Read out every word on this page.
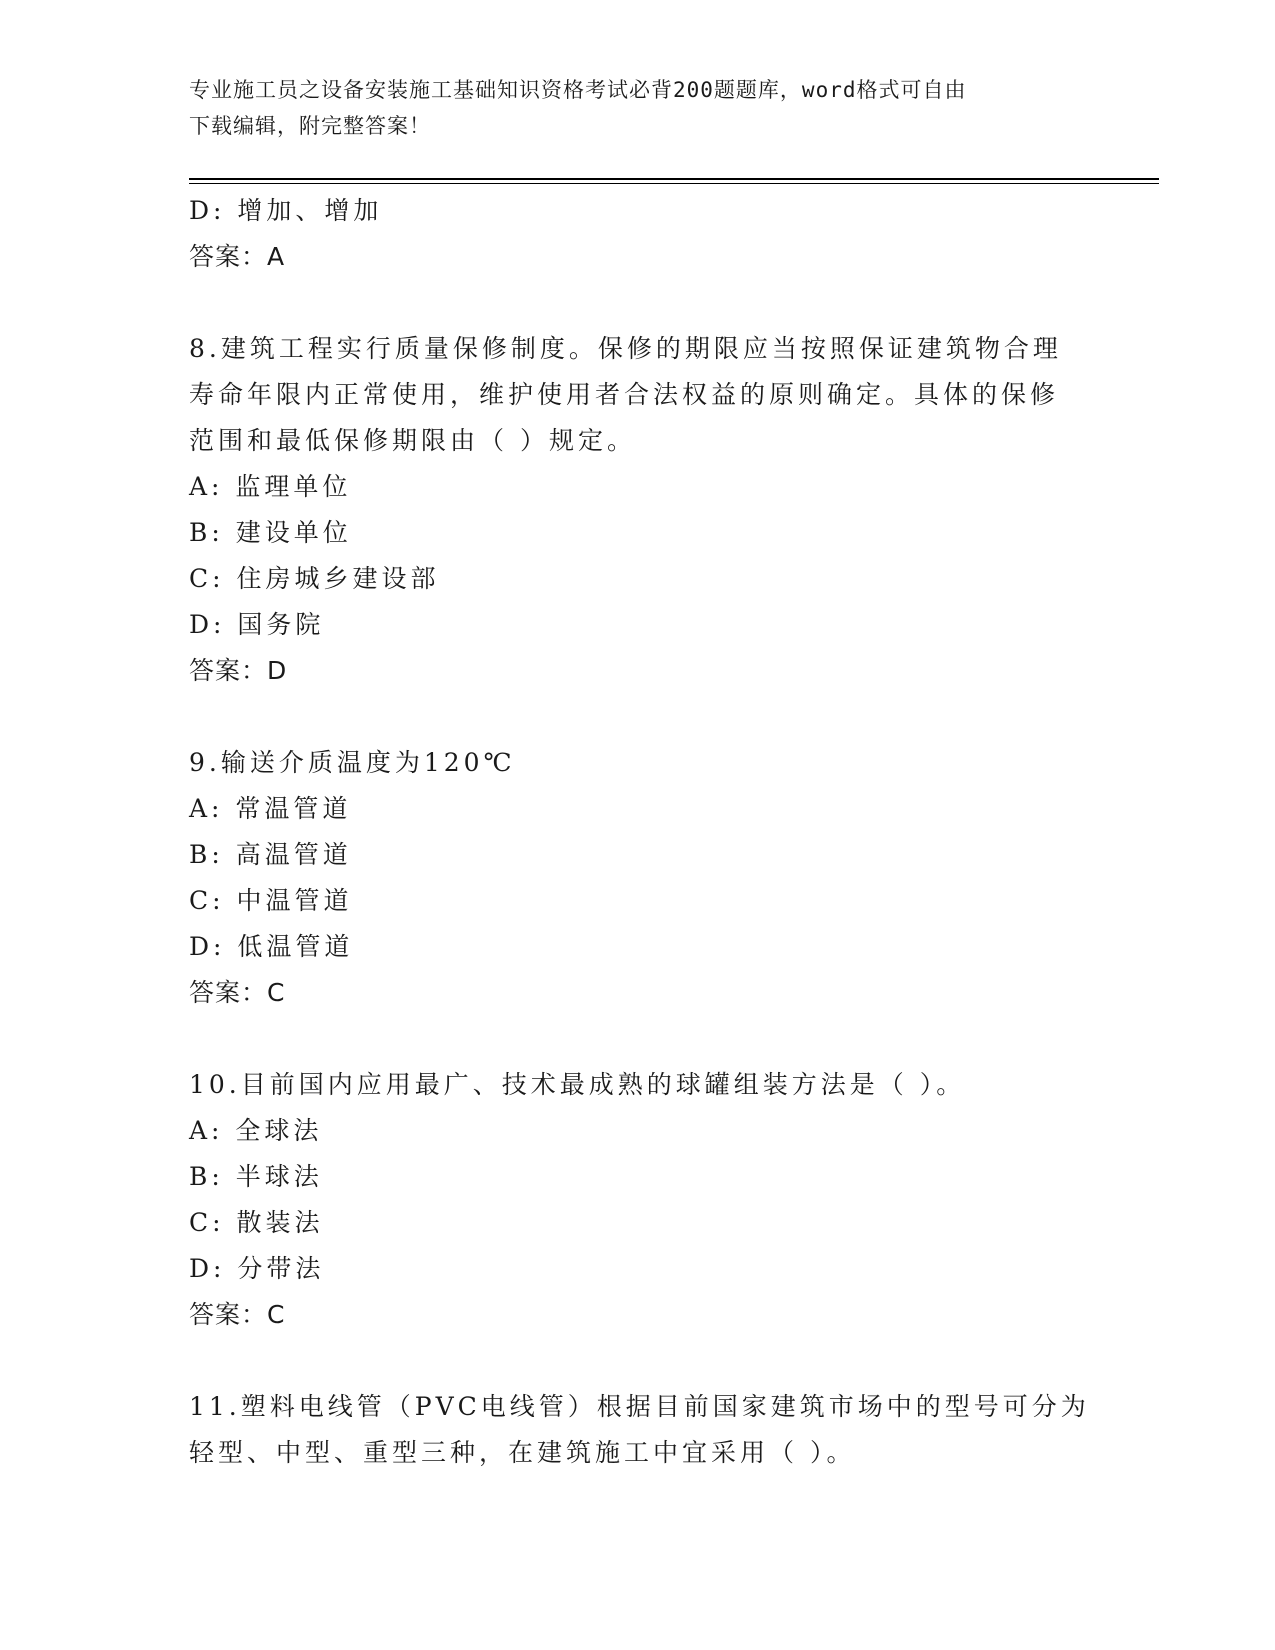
专业施工员之设备安装施工基础知识资格考试必背200题题库，word格式可自由
下载编辑，附完整答案！
D: 增加、增加
答案：A
8.建筑工程实行质量保修制度。保修的期限应当按照保证建筑物合理
寿命年限内正常使用，维护使用者合法权益的原则确定。具体的保修
范围和最低保修期限由（ ）规定。
A: 监理单位
B: 建设单位
C: 住房城乡建设部
D: 国务院
答案：D
9.输送介质温度为120℃
A: 常温管道
B: 高温管道
C: 中温管道
D: 低温管道
答案：C
10.目前国内应用最广、技术最成熟的球罐组装方法是（ ）。
A: 全球法
B: 半球法
C: 散装法
D: 分带法
答案：C
11.塑料电线管（PVC电线管）根据目前国家建筑市场中的型号可分为
轻型、中型、重型三种，在建筑施工中宜采用（ ）。
